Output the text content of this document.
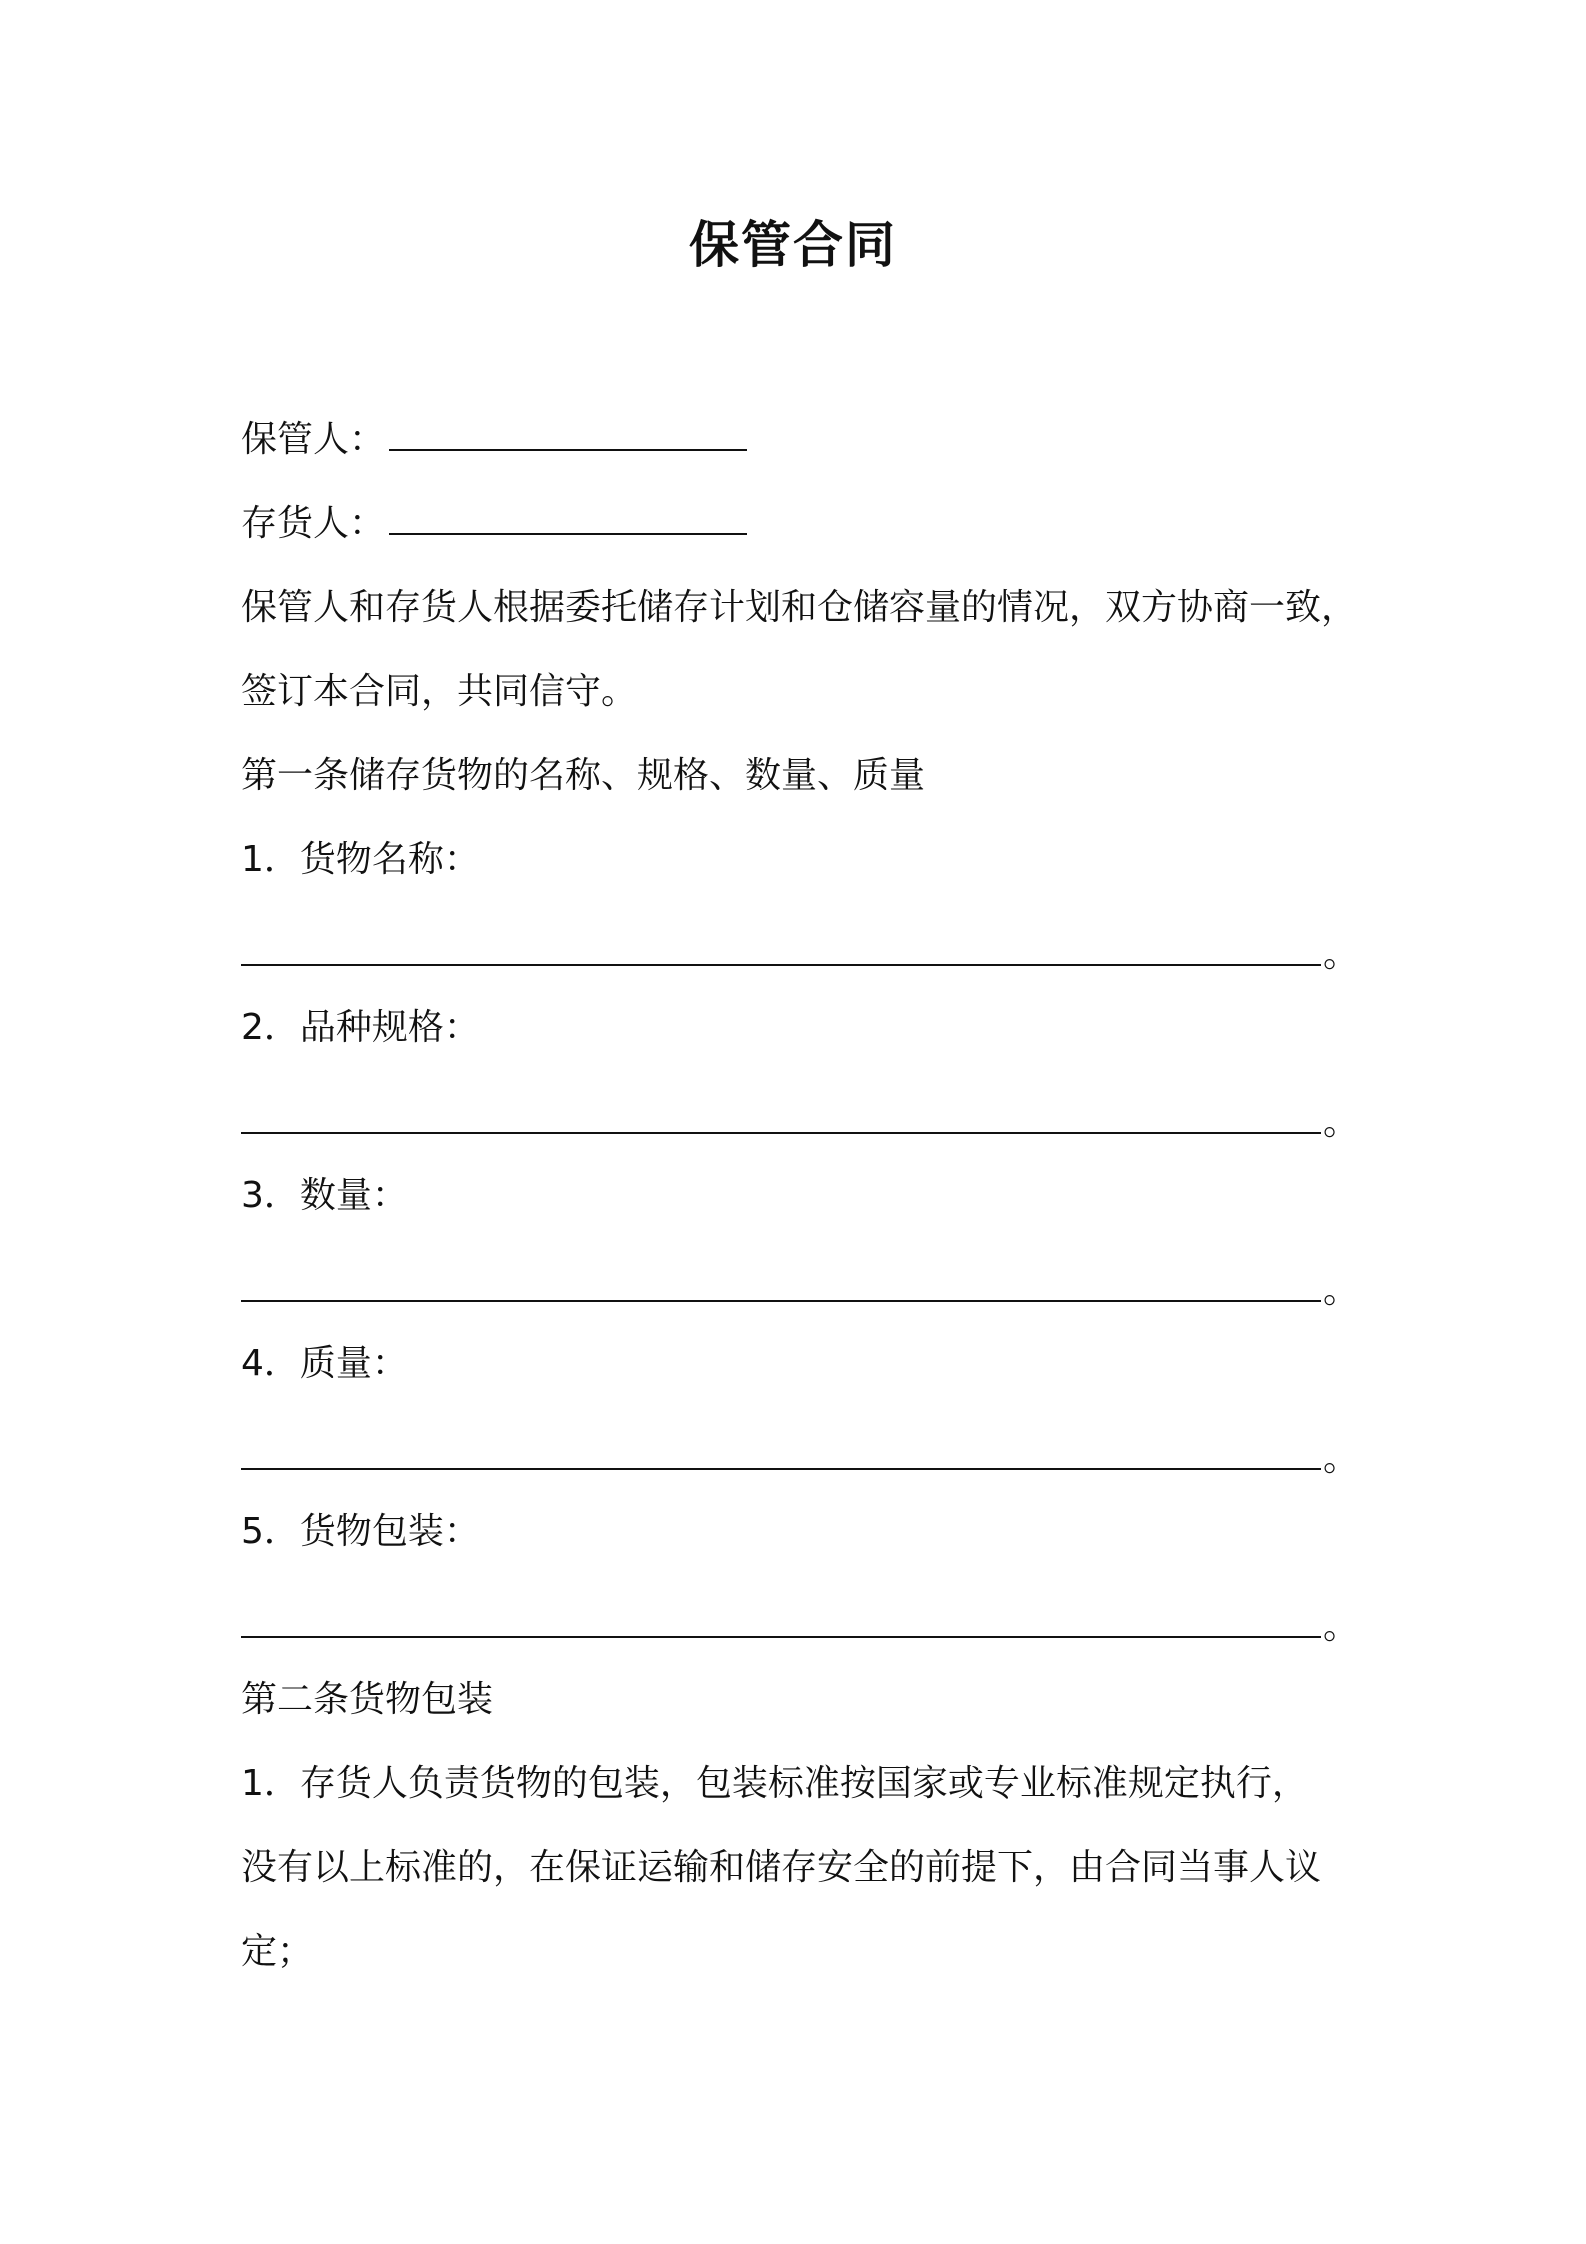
保管合同
保管人：
存货人：
保管人和存货人根据委托储存计划和仓储容量的情况，双方协商一致，
签订本合同，共同信守。
第一条储存货物的名称、规格、数量、质量
1．货物名称：
。
2．品种规格：
。
3．数量：
。
4．质量：
。
5．货物包装：
。
第二条货物包装
1．存货人负责货物的包装，包装标准按国家或专业标准规定执行，
没有以上标准的，在保证运输和储存安全的前提下，由合同当事人议
定；
